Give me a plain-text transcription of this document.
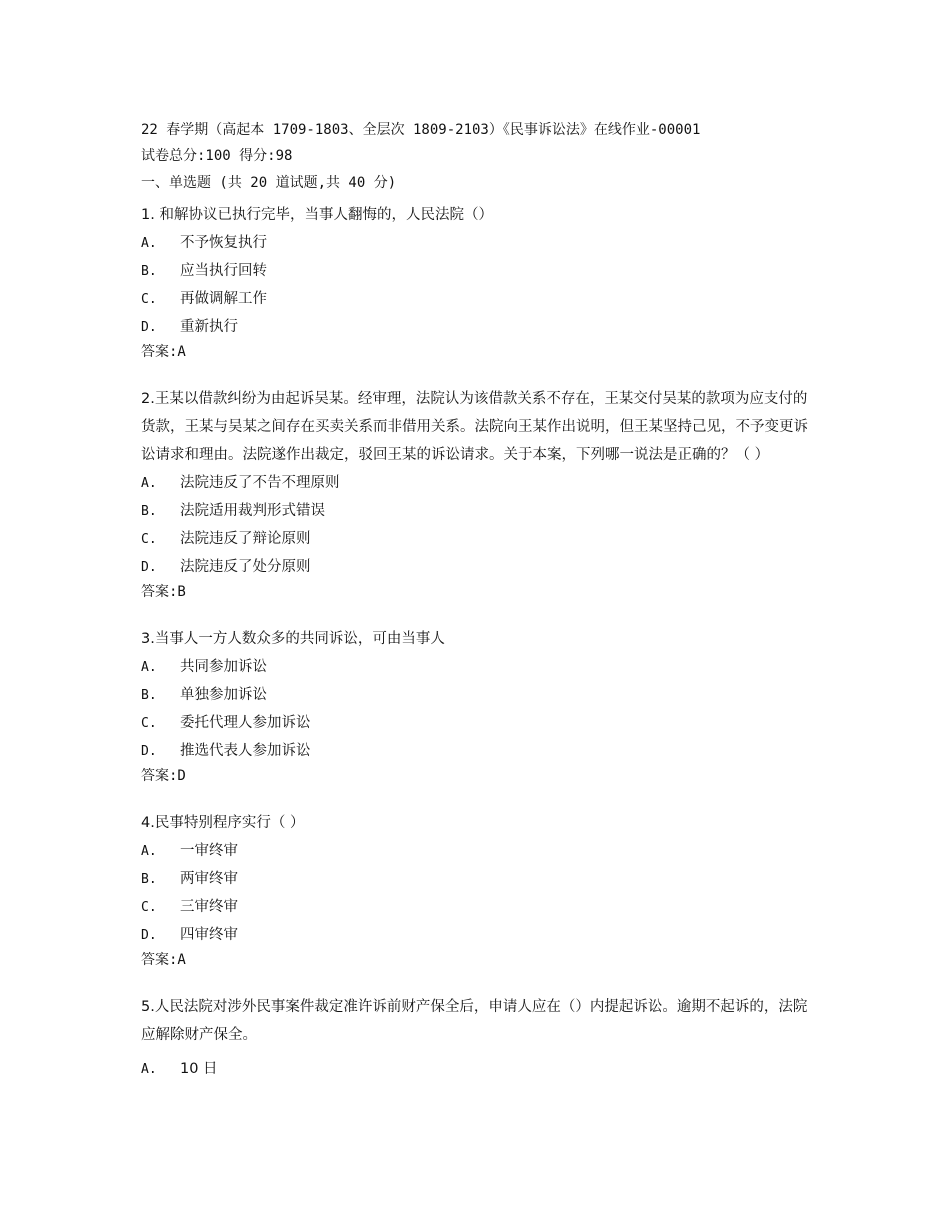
22 春学期（高起本 1709-1803、全层次 1809-2103）《民事诉讼法》在线作业-00001
试卷总分:100 得分:98
一、单选题 (共 20 道试题,共 40 分)
1. 和解协议已执行完毕，当事人翻悔的，人民法院（）
A. 不予恢复执行
B. 应当执行回转
C. 再做调解工作
D. 重新执行
答案:A
2.王某以借款纠纷为由起诉吴某。经审理，法院认为该借款关系不存在，王某交付吴某的款项为应支付的货款，王某与吴某之间存在买卖关系而非借用关系。法院向王某作出说明，但王某坚持己见，不予变更诉讼请求和理由。法院遂作出裁定，驳回王某的诉讼请求。关于本案，下列哪一说法是正确的？（ ）
A. 法院违反了不告不理原则
B. 法院适用裁判形式错误
C. 法院违反了辩论原则
D. 法院违反了处分原则
答案:B
3.当事人一方人数众多的共同诉讼，可由当事人
A. 共同参加诉讼
B. 单独参加诉讼
C. 委托代理人参加诉讼
D. 推选代表人参加诉讼
答案:D
4.民事特别程序实行（ ）
A. 一审终审
B. 两审终审
C. 三审终审
D. 四审终审
答案:A
5.人民法院对涉外民事案件裁定准许诉前财产保全后，申请人应在（）内提起诉讼。逾期不起诉的，法院应解除财产保全。
A. 10 日
